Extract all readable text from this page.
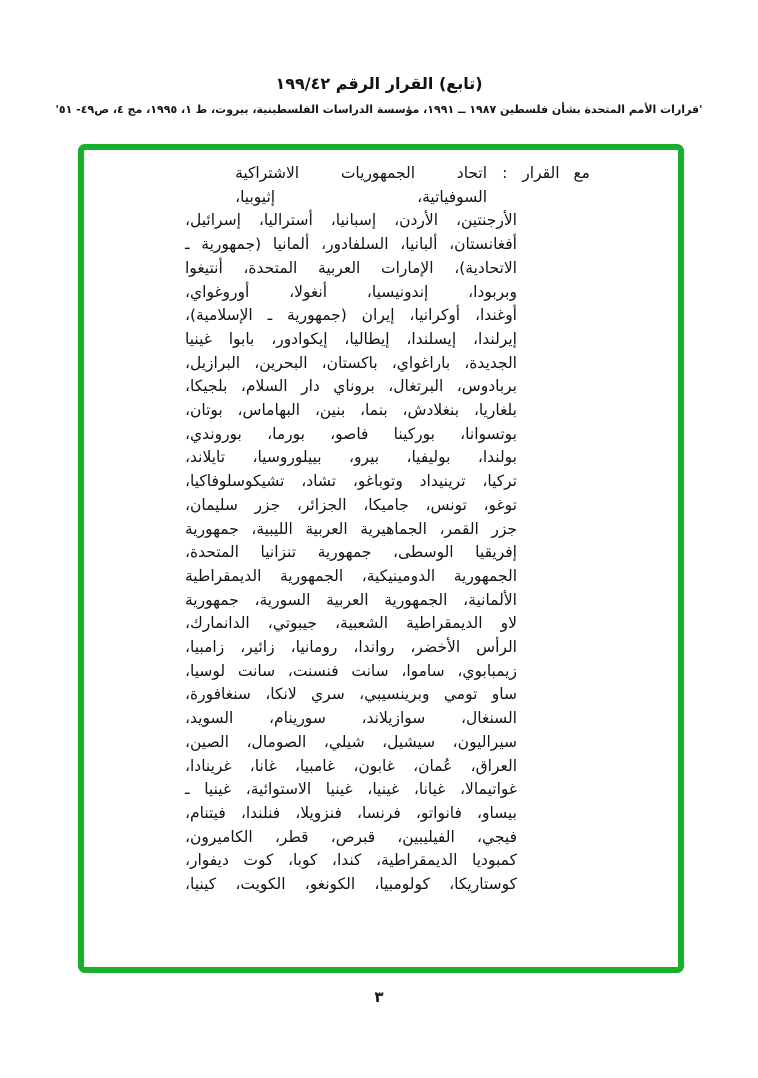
(تابع) القرار الرقم ١٩٩/٤٢
'قرارات الأمم المتحدة بشأن فلسطين ١٩٨٧ ــ ١٩٩١، مؤسسة الدراسات الفلسطينية، بيروت، ط ١، ١٩٩٥، مج ٤، ص٤٩- ٥١'
مع القرار
:
اتحاد الجمهوريات الاشتراكية السوفياتية، إثيوبيا،
الأرجنتين، الأردن، إسبانيا، أستراليا، إسرائيل،
أفغانستان، ألبانيا، السلفادور، ألمانيا (جمهورية ـ
الاتحادية)، الإمارات العربية المتحدة، أنتيغوا
وبربودا، إندونيسيا، أنغولا، أوروغواي،
أوغندا، أوكرانيا، إيران (جمهورية ـ الإسلامية)،
إيرلندا، إيسلندا، إيطاليا، إيكوادور، بابوا غينيا
الجديدة، باراغواي، باكستان، البحرين، البرازيل،
بربادوس، البرتغال، بروناي دار السلام، بلجيكا،
بلغاريا، بنغلادش، بنما، بنين، البهاماس، بوتان،
بوتسوانا، بوركينا فاصو، بورما، بوروندي،
بولندا، بوليفيا، بيرو، بييلوروسيا، تايلاند،
تركيا، ترينيداد وتوباغو، تشاد، تشيكوسلوفاكيا،
توغو، تونس، جاميكا، الجزائر، جزر سليمان،
جزر القمر، الجماهيرية العربية الليبية، جمهورية
إفريقيا الوسطى، جمهورية تنزانيا المتحدة،
الجمهورية الدومينيكية، الجمهورية الديمقراطية
الألمانية، الجمهورية العربية السورية، جمهورية
لاو الديمقراطية الشعبية، جيبوتي، الدانمارك،
الرأس الأخضر، رواندا، رومانيا، زائير، زامبيا،
زيمبابوي، ساموا، سانت فنسنت، سانت لوسيا،
ساو تومي وبرينسيبي، سري لانكا، سنغافورة،
السنغال، سوازيلاند، سورينام، السويد،
سيراليون، سيشيل، شيلي، الصومال، الصين،
العراق، عُمان، غابون، غامبيا، غانا، غرينادا،
غواتيمالا، غيانا، غينيا، غينيا الاستوائية، غينيا ـ
بيساو، فانواتو، فرنسا، فنزويلا، فنلندا، فيتنام،
فيجي، الفيليبين، قبرص، قطر، الكاميرون،
كمبوديا الديمقراطية، كندا، كوبا، كوت ديفوار،
كوستاريكا، كولومبيا، الكونغو، الكويت، كينيا،
٣
